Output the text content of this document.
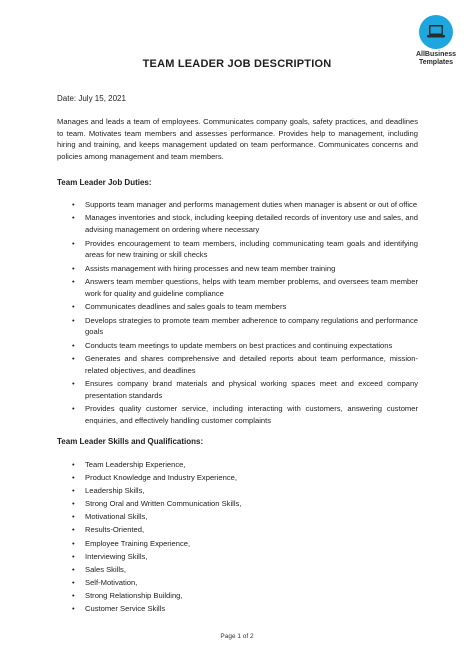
AllBusiness
Templates
TEAM LEADER JOB DESCRIPTION
Date: July 15, 2021
Manages and leads a team of employees. Communicates company goals, safety practices, and deadlines to team. Motivates team members and assesses performance. Provides help to management, including hiring and training, and keeps management updated on team performance. Communicates concerns and policies among management and team members.
Team Leader Job Duties:
• Supports team manager and performs management duties when manager is absent or out of office
• Manages inventories and stock, including keeping detailed records of inventory use and sales, and advising management on ordering where necessary
• Provides encouragement to team members, including communicating team goals and identifying areas for new training or skill checks
• Assists management with hiring processes and new team member training
• Answers team member questions, helps with team member problems, and oversees team member work for quality and guideline compliance
• Communicates deadlines and sales goals to team members
• Develops strategies to promote team member adherence to company regulations and performance goals
• Conducts team meetings to update members on best practices and continuing expectations
• Generates and shares comprehensive and detailed reports about team performance, mission-related objectives, and deadlines
• Ensures company brand materials and physical working spaces meet and exceed company presentation standards
• Provides quality customer service, including interacting with customers, answering customer enquiries, and effectively handling customer complaints
Team Leader Skills and Qualifications:
• Team Leadership Experience,
• Product Knowledge and Industry Experience,
• Leadership Skills,
• Strong Oral and Written Communication Skills,
• Motivational Skills,
• Results-Oriented,
• Employee Training Experience,
• Interviewing Skills,
• Sales Skills,
• Self-Motivation,
• Strong Relationship Building,
• Customer Service Skills
Page 1 of 2
